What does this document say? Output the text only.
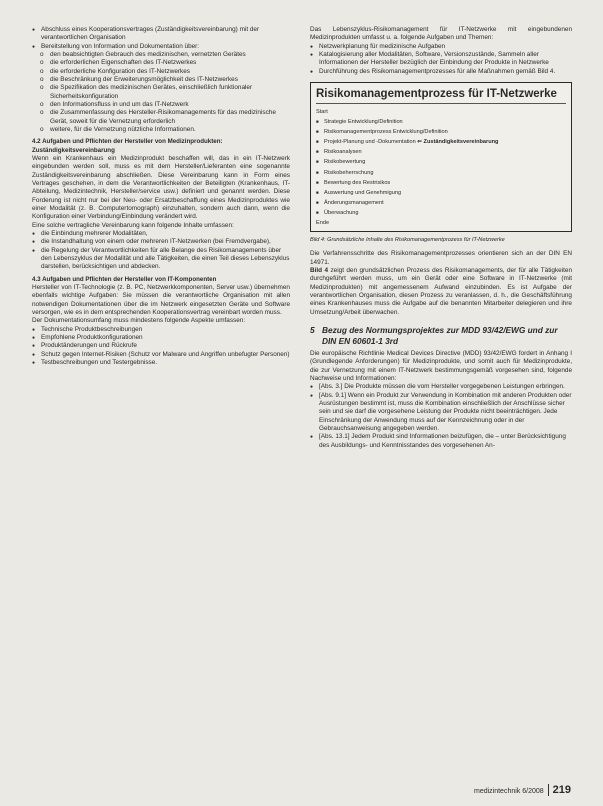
● Abschluss eines Kooperationsvertrages (Zuständigkeitsvereinbarung) mit der verantwortlichen Organisation
● Bereitstellung von Information und Dokumentation über:
o den beabsichtigten Gebrauch des medizinischen, vernetzten Gerätes
o die erforderlichen Eigenschaften des IT-Netzwerkes
o die erforderliche Konfiguration des IT-Netzwerkes
o die Beschränkung der Erweiterungsmöglichkeit des IT-Netzwerkes
o die Spezifikation des medizinischen Gerätes, einschließlich funktionaler Sicherheitskonfiguration
o den Informationsfluss in und um das IT-Netzwerk
o die Zusammenfassung des Hersteller-Risikomanagements für das medizinische Gerät, soweit für die Vernetzung erforderlich
o weitere, für die Vernetzung nützliche Informationen.
4.2 Aufgaben und Pflichten der Hersteller von Medizinprodukten: Zuständigkeitsvereinbarung

Wenn ein Krankenhaus ein Medizinprodukt beschaffen will, das in ein IT-Netzwerk eingebunden werden soll, muss es mit dem Hersteller/Lieferanten eine sogenannte Zuständigkeitsvereinbarung abschließen. Diese Vereinbarung kann in Form eines Vertrages geschehen, in dem die Verantwortlichkeiten der Beteiligten (Krankenhaus, IT-Abteilung, Medizintechnik, Hersteller/service usw.) definiert und genannt werden. Diese Forderung ist nicht nur bei der Neu- oder Ersatzbeschaffung eines Medizinproduktes wie einer Modalität (z. B. Computertomograph) einzuhalten, sondern auch dann, wenn die Konfiguration einer Verbindung/Einbindung verändert wird.

Eine solche vertragliche Vereinbarung kann folgende Inhalte umfassen:

● die Einbindung mehrerer Modalitäten,
● die Instandhaltung von einem oder mehreren IT-Netzwerken (bei Fremdvergabe),
● die Regelung der Verantwortlichkeiten für alle Belange des Risikomanagements über den Lebenszyklus der Modalität und alle Tätigkeiten, die einen Teil dieses Lebenszyklus darstellen, berücksichtigen und abdecken.
4.3 Aufgaben und Pflichten der Hersteller von IT-Komponenten

Hersteller von IT-Technologie (z. B. PC, Netzwerkkomponenten, Server usw.) übernehmen ebenfalls wichtige Aufgaben: Sie müssen die verantwortliche Organisation mit allen notwendigen Dokumentationen über die im Netzwerk eingesetzten Geräte und Software versorgen, wie es in dem entsprechenden Kooperationsvertrag vereinbart worden muss.

Der Dokumentationsumfang muss mindestens folgende Aspekte umfassen:

● Technische Produktbeschreibungen
● Empfohlene Produktkonfigurationen
● Produktänderungen und Rückrufe
● Schutz gegen Internet-Risiken (Schutz vor Malware und Angriffen unbefugter Personen)
● Testbeschreibungen und Testergebnisse.

Das Lebenszyklus-Risikomanagement für IT-Netzwerke mit eingebundenen Medizinprodukten umfasst u. a. folgende Aufgaben und Themen:

● Netzwerkplanung für medizinische Aufgaben
● Katalogisierung aller Modalitäten, Software, Versionszustände, Sammeln aller Informationen der Hersteller bezüglich der Einbindung der Produkte in Netzwerke
● Durchführung des Risikomanagementprozesses für alle Maßnahmen gemäß Bild 4.
Risikomanagementprozess für IT-Netzwerke
Start
■ Strategie Entwicklung/Definition
■ Risikomanagementprozess Entwicklung/Definition
■ Projekt-Planung und -Dokumentation ⇐ Zuständigkeitsvereinbarung
■ Risikoanalysen
■ Risikobewertung
■ Risikobeherrschung
■ Bewertung des Restrisikos
■ Auswertung und Genehmigung
■ Änderungsmanagement
■ Überwachung
Ende
Bild 4: Grundsätzliche Inhalte des Risikomanagementprozess für IT-Netzwerke

Die Verfahrensschritte des Risikomanagementprozesses orientieren sich an der DIN EN 14971.

Bild 4 zeigt den grundsätzlichen Prozess des Risikomanagements, der für alle Tätigkeiten durchgeführt werden muss, um ein Gerät oder eine Software in IT-Netzwerke (mit Medizinprodukten) mit angemessenem Aufwand einzubinden. Es ist Aufgabe der verantwortlichen Organisation, diesen Prozess zu veranlassen, d. h., die Geschäftsführung eines Krankenhauses muss die Aufgabe auf die benannten Mitarbeiter delegieren und ihre Umsetzung/Arbeit überwachen.

5 Bezug des Normungsprojektes zur MDD 93/42/EWG und zur DIN EN 60601-1 3rd

Die europäische Richtlinie Medical Devices Directive (MDD) 93/42/EWG fordert in Anhang I (Grundlegende Anforderungen) für Medizinprodukte, und somit auch für Medizinprodukte, die zur Vernetzung mit einem IT-Netzwerk bestimmungsgemäß vorgesehen sind, folgende Nachweise und Informationen:

● [Abs. 3.] Die Produkte müssen die vom Hersteller vorgegebenen Leistungen erbringen.
● [Abs. 9.1] Wenn ein Produkt zur Verwendung in Kombination mit anderen Produkten oder Ausrüstungen bestimmt ist, muss die Kombination einschließlich der Anschlüsse sicher sein und sie darf die vorgesehene Leistung der Produkte nicht beeinträchtigen. Jede Einschränkung der Anwendung muss auf der Kennzeichnung oder in der Gebrauchsanweisung angegeben werden.
● [Abs. 13.1] Jedem Produkt sind Informationen beizufügen, die – unter Berücksichtigung des Ausbildungs- und Kenntnisstandes des vorgesehenen An-
medizintechnik 6/2008 219
